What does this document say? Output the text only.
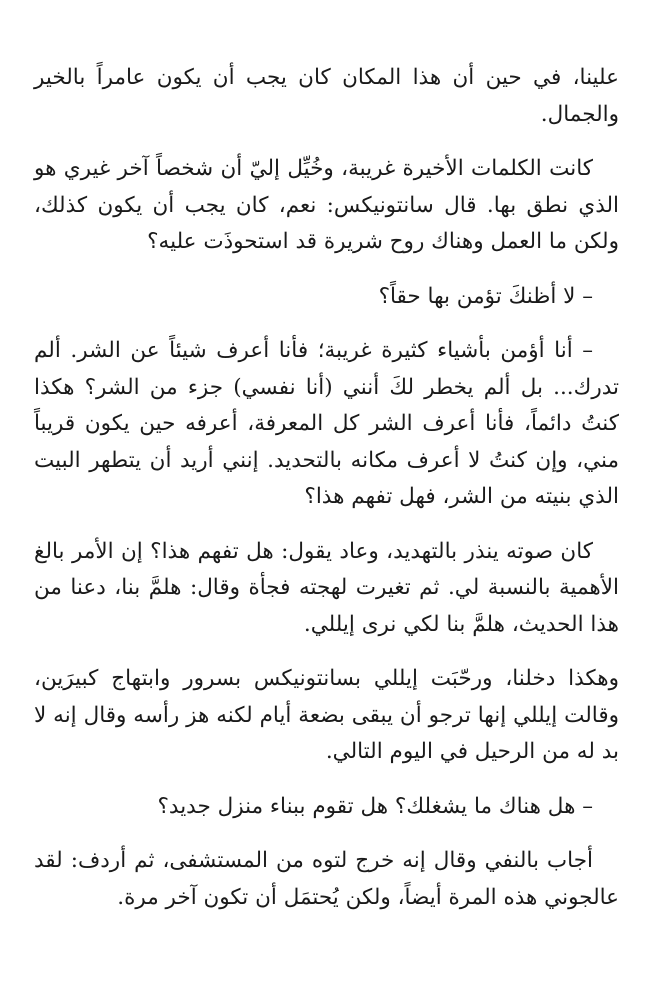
علينا، في حين أن هذا المكان كان يجب أن يكون عامراً بالخير والجمال.

كانت الكلمات الأخيرة غريبة، وخُيِّل إليّ أن شخصاً آخر غيري هو الذي نطق بها. قال سانتونيكس: نعم، كان يجب أن يكون كذلك، ولكن ما العمل وهناك روح شريرة قد استحوذَت عليه؟

– لا أظنكَ تؤمن بها حقاً؟

– أنا أؤمن بأشياء كثيرة غريبة؛ فأنا أعرف شيئاً عن الشر. ألم تدرك... بل ألم يخطر لكَ أنني (أنا نفسي) جزء من الشر؟ هكذا كنتُ دائماً، فأنا أعرف الشر كل المعرفة، أعرفه حين يكون قريباً مني، وإن كنتُ لا أعرف مكانه بالتحديد. إنني أريد أن يتطهر البيت الذي بنيته من الشر، فهل تفهم هذا؟

كان صوته ينذر بالتهديد، وعاد يقول: هل تفهم هذا؟ إن الأمر بالغ الأهمية بالنسبة لي. ثم تغيرت لهجته فجأة وقال: هلمَّ بنا، دعنا من هذا الحديث، هلمَّ بنا لكي نرى إيللي.

وهكذا دخلنا، ورحّبَت إيللي بسانتونيكس بسرور وابتهاج كبيرَين، وقالت إيللي إنها ترجو أن يبقى بضعة أيام لكنه هز رأسه وقال إنه لا بد له من الرحيل في اليوم التالي.

– هل هناك ما يشغلك؟ هل تقوم ببناء منزل جديد؟

أجاب بالنفي وقال إنه خرج لتوه من المستشفى، ثم أردف: لقد عالجوني هذه المرة أيضاً، ولكن يُحتمَل أن تكون آخر مرة.
